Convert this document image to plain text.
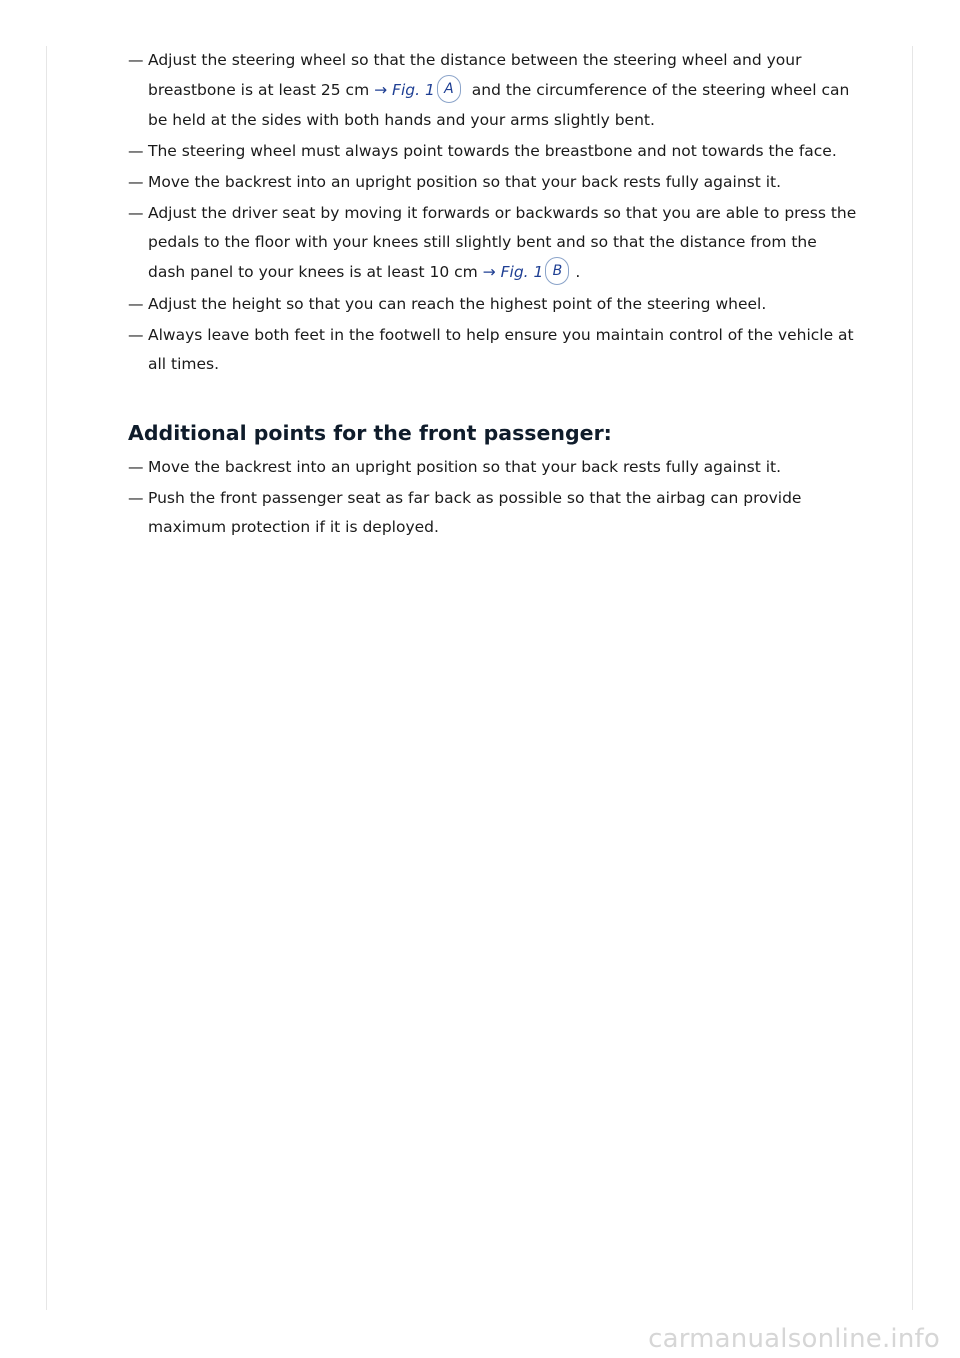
— Adjust the steering wheel so that the distance between the steering wheel and your breastbone is at least 25 cm → Fig. 1 A and the circumference of the steering wheel can be held at the sides with both hands and your arms slightly bent.
— The steering wheel must always point towards the breastbone and not towards the face.
— Move the backrest into an upright position so that your back rests fully against it.
— Adjust the driver seat by moving it forwards or backwards so that you are able to press the pedals to the floor with your knees still slightly bent and so that the distance from the dash panel to your knees is at least 10 cm → Fig. 1 B .
— Adjust the height so that you can reach the highest point of the steering wheel.
— Always leave both feet in the footwell to help ensure you maintain control of the vehicle at all times.
Additional points for the front passenger:
— Move the backrest into an upright position so that your back rests fully against it.
— Push the front passenger seat as far back as possible so that the airbag can provide maximum protection if it is deployed.
carmanualsonline.info
